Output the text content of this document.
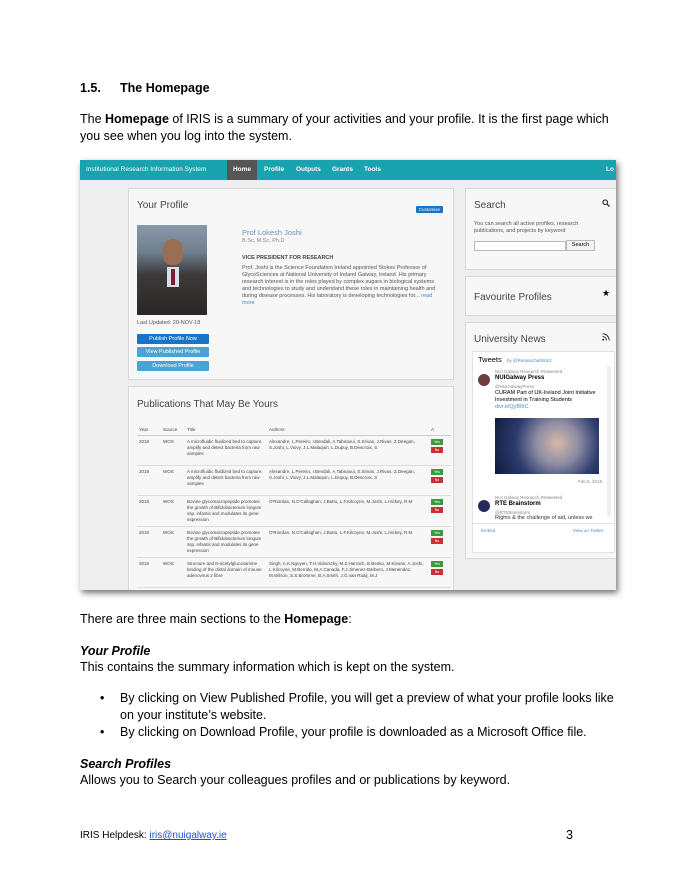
1.5. The Homepage
The Homepage of IRIS is a summary of your activities and your profile. It is the first page which you see when you log into the system.
Institutional Research Information System	Home	Profile Outputs Grants Tools	Lo
Your Profile	Customise
Prof Lokesh Joshi
B.Sc, M.Sc, Ph.D
VICE PRESIDENT FOR RESEARCH
Prof. Joshi is the Science Foundation Ireland appointed Stokes Professor of GlycoSciences at National University of Ireland Galway, Ireland. His primary research interest is in the roles played by complex sugars in biological systems and technologies to study and understand these roles in maintaining health and during disease processes. His laboratory is developing technologies for... read more
Last Updated: 20-NOV-18
Publish Profile Now
View Published Profile
Download Profile
Publications That May Be Yours
Year	Source	Title	Authors	A
2018	WOS	A microfluidic fluidized bed to capture, amplify and detect bacteria from raw samples	Alexandre, L.Pereiro, I.Bendali, A.Tabnaoui, S.Srivas, J.Rivas, Z.Deegan, S.Joshi, L.Viovy, J.L.Malaquin, L.Dupuy, B.Descroix, S	Yes
No

2018	WOS	A microfluidic fluidized bed to capture, amplify and detect bacteria from raw samples	Alexandre, L.Pereiro, I.Bendali, A.Tabnaoui, S.Srivas, J.Rivas, Z.Deegan, S.Joshi, L.Viovy, J.L.Malaquin, L.Dupuy, B.Descroix, S	Yes
No

2018	WOS	Bovine glycomacropeptide promotes the growth of Bifidobacterium longum ssp. infantis and modulates its gene expression	O'Riordan, N.O'Callaghan, J.Butto, L.F.Kilcoyne, M.Joshi, L.Hickey, R.M	Yes
No

2018	WOS	Bovine glycomacropeptide promotes the growth of Bifidobacterium longum ssp. infantis and modulates its gene expression	O'Riordan, N.O'Callaghan, J.Butto, L.F.Kilcoyne, M.Joshi, L.Hickey, R.M	Yes
No

2018	WOS	Structure and N-acetylglucosamine binding of the distal domain of mouse adenovirus 2 fibre	Singh, A.K.Nguyen, T.H.Vidovszky, M.Z.Harrach, B.Benko, M.Kirwan, A.Joshi, L.Kilcoyne, M.Berrido, M.A.Canada, F.J.Jimenez-Barbero, J.Menendez, M.Wilson, S.S.Bromme, B.A.Smith, J.G.van Raaij, M.J	Yes
No
Search
You can search all active profiles, research publications, and projects by keyword
Search
Favourite Profiles	★
University News
Tweets by @ResearchatNUIG
NUI Galway Research Retweeted
NUIGalway Press
@NUIGalwayPress
CURAM Part of UK-Ireland Joint Initiative Investment in Training Students divr.it/QyB0tC
Feb 5, 2019
NUI Galway Research Retweeted
RTE Brainstorm
@RTEBrainstorm
Rights & the challenge of aid, unless we
Embed	View on Twitter
There are three main sections to the Homepage:
Your Profile
This contains the summary information which is kept on the system.
• By clicking on View Published Profile, you will get a preview of what your profile looks like on your institute’s website.
• By clicking on Download Profile, your profile is downloaded as a Microsoft Office file.
Search Profiles
Allows you to Search your colleagues profiles and or publications by keyword.
IRIS Helpdesk: iris@nuigalway.ie	3
